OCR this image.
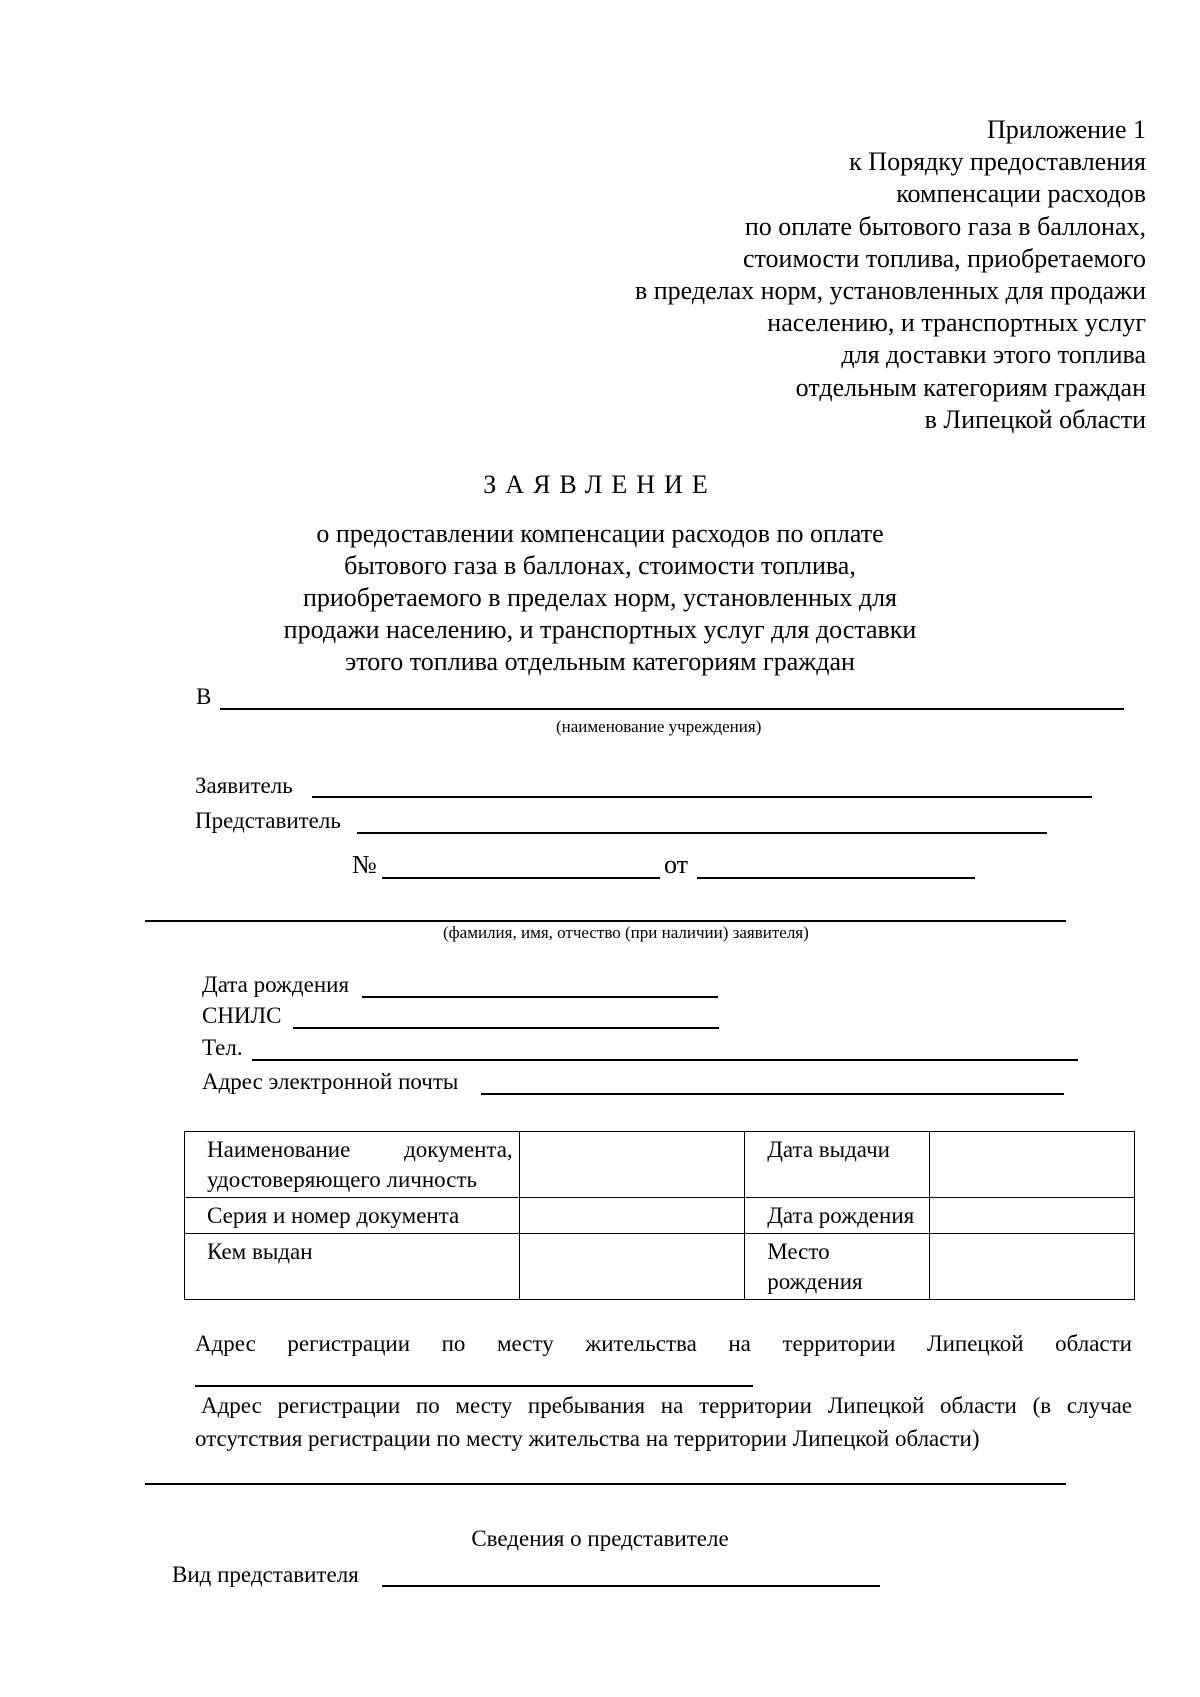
Приложение 1
к Порядку предоставления
компенсации расходов
по оплате бытового газа в баллонах,
стоимости топлива, приобретаемого
в пределах норм, установленных для продажи
населению, и транспортных услуг
для доставки этого топлива
отдельным категориям граждан
в Липецкой области
ЗАЯВЛЕНИЕ
о предоставлении компенсации расходов по оплате
бытового газа в баллонах, стоимости топлива,
приобретаемого в пределах норм, установленных для
продажи населению, и транспортных услуг для доставки
этого топлива отдельным категориям граждан
В
(наименование учреждения)
Заявитель
Представитель
№	от
(фамилия, имя, отчество (при наличии) заявителя)
Дата рождения
СНИЛС
Тел.
Адрес электронной почты
Наименование документа, удостоверяющего личность		Дата выдачи	
Серия и номер документа		Дата рождения	
Кем выдан		Место рождения	

Адрес регистрации по месту жительства на территории Липецкой области
Адрес регистрации по месту пребывания на территории Липецкой области (в случае
отсутствия регистрации по месту жительства на территории Липецкой области)
Сведения о представителе
Вид представителя
